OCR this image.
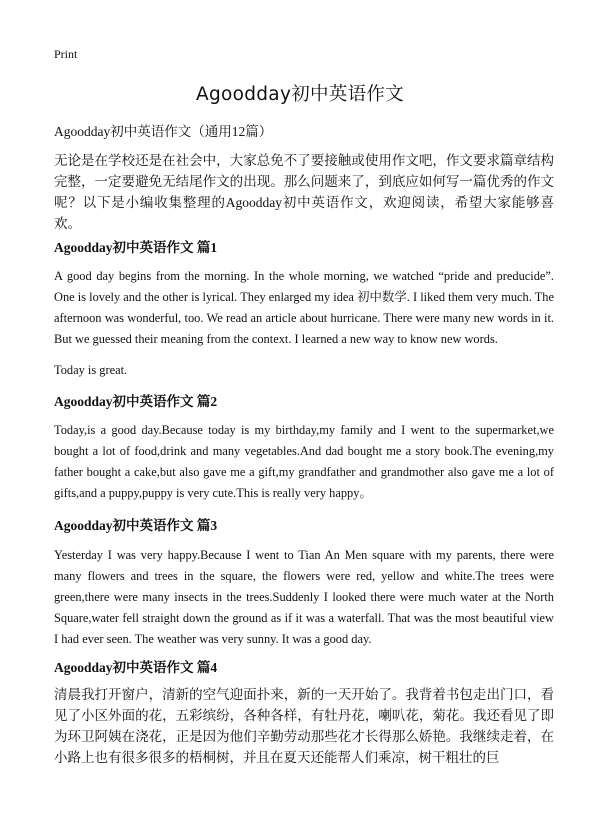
Print
Agoodday初中英语作文
Agoodday初中英语作文（通用12篇）
无论是在学校还是在社会中，大家总免不了要接触或使用作文吧，作文要求篇章结构完整，一定要避免无结尾作文的出现。那么问题来了，到底应如何写一篇优秀的作文呢？以下是小编收集整理的Agoodday初中英语作文，欢迎阅读，希望大家能够喜欢。
Agoodday初中英语作文 篇1
A good day begins from the morning. In the whole morning, we watched “pride and preducide”. One is lovely and the other is lyrical. They enlarged my idea 初中数学. I liked them very much. The afternoon was wonderful, too. We read an article about hurricane. There were many new words in it. But we guessed their meaning from the context. I learned a new way to know new words.
Today is great.
Agoodday初中英语作文 篇2
Today,is a good day.Because today is my birthday,my family and I went to the supermarket,we bought a lot of food,drink and many vegetables.And dad bought me a story book.The evening,my father bought a cake,but also gave me a gift,my grandfather and grandmother also gave me a lot of gifts,and a puppy,puppy is very cute.This is really very happy。
Agoodday初中英语作文 篇3
Yesterday I was very happy.Because I went to Tian An Men square with my parents, there were many flowers and trees in the square, the flowers were red, yellow and white.The trees were green,there were many insects in the trees.Suddenly I looked there were much water at the North Square,water fell straight down the ground as if it was a waterfall. That was the most beautiful view I had ever seen. The weather was very sunny. It was a good day.
Agoodday初中英语作文 篇4
清晨我打开窗户，清新的空气迎面扑来，新的一天开始了。我背着书包走出门口，看见了小区外面的花，五彩缤纷，各种各样，有牡丹花，喇叭花，菊花。我还看见了即为环卫阿姨在浇花，正是因为他们辛勤劳动那些花才长得那么娇艳。我继续走着，在小路上也有很多很多的梧桐树，并且在夏天还能帮人们乘凉，树干粗壮的巨
